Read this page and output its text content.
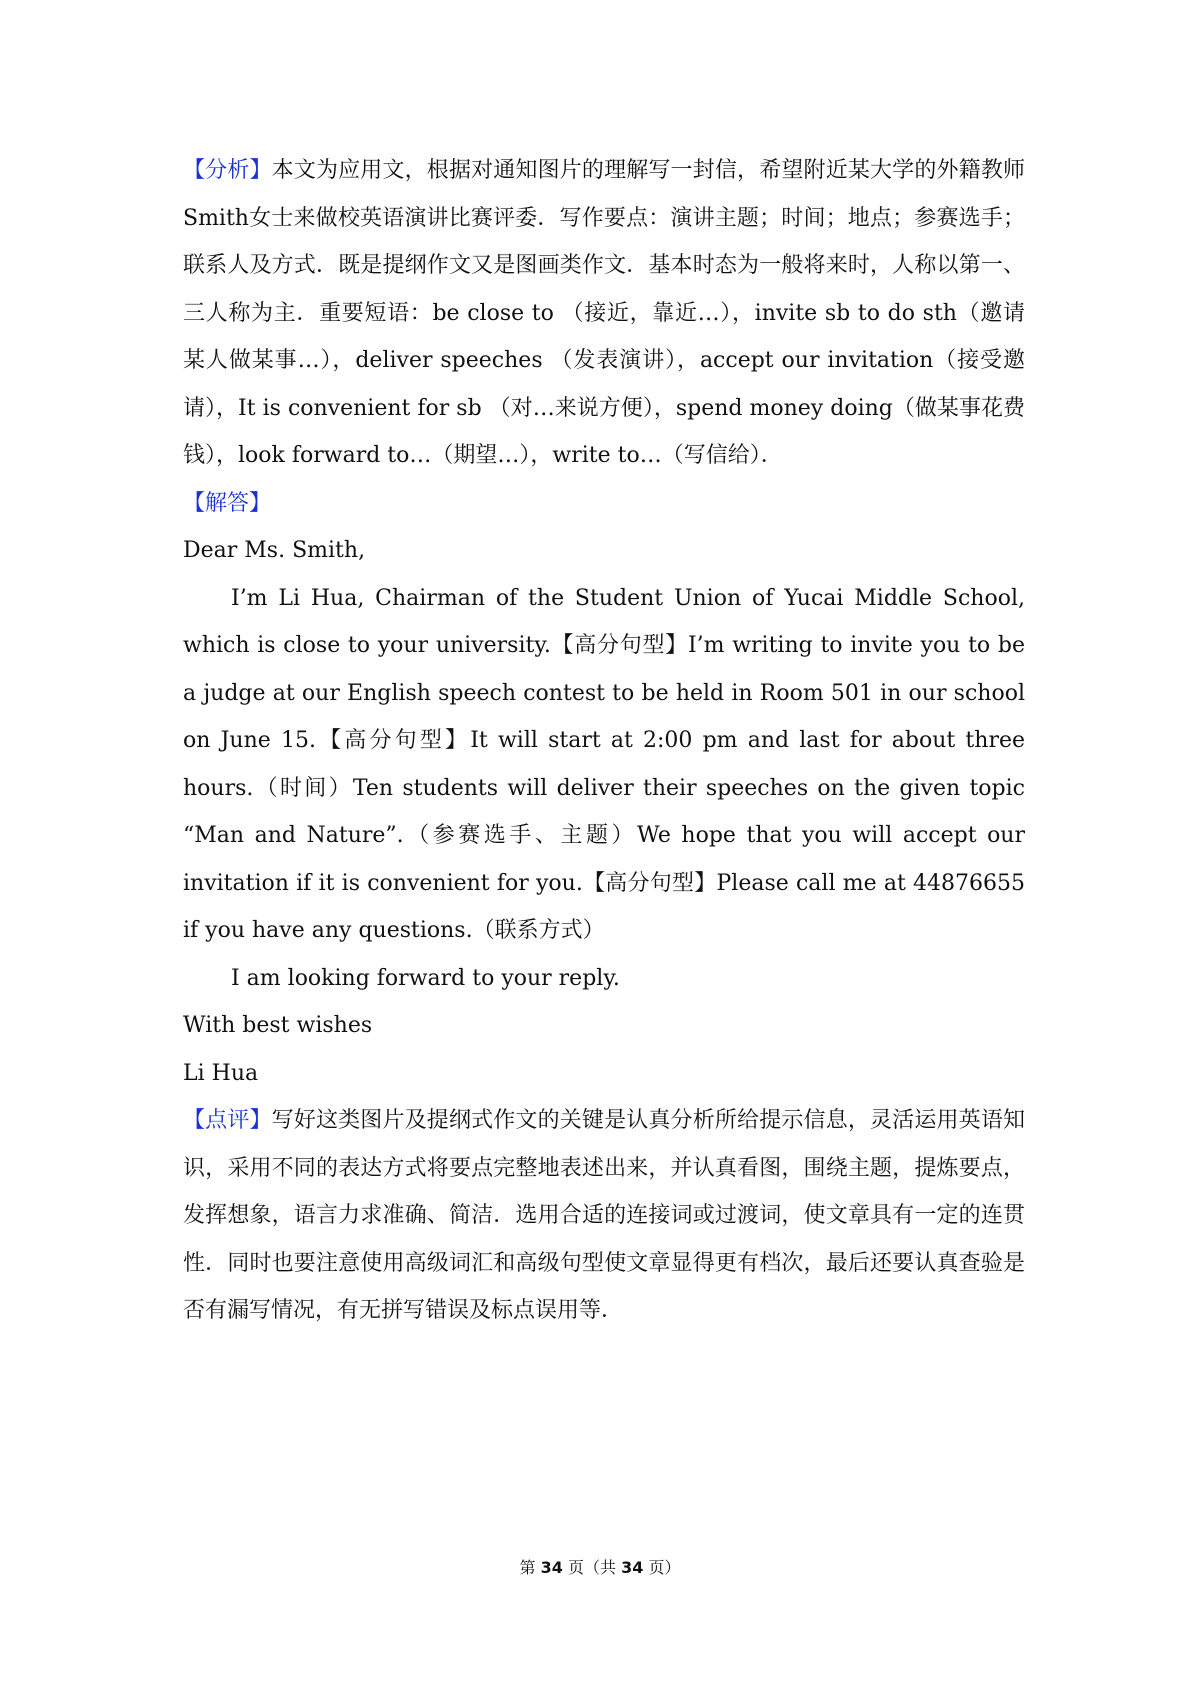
【分析】本文为应用文，根据对通知图片的理解写一封信，希望附近某大学的外籍教师Smith女士来做校英语演讲比赛评委．写作要点：演讲主题；时间；地点；参赛选手；联系人及方式．既是提纲作文又是图画类作文．基本时态为一般将来时，人称以第一、三人称为主．重要短语：be close to （接近，靠近…），invite sb to do sth（邀请某人做某事…），deliver speeches （发表演讲），accept our invitation（接受邀请），It is convenient for sb （对…来说方便），spend money doing（做某事花费钱），look forward to…（期望…），write to…（写信给）．

【解答】

Dear Ms. Smith,

I’m Li Hua, Chairman of the Student Union of Yucai Middle School, which is close to your university.【高分句型】I’m writing to invite you to be a judge at our English speech contest to be held in Room 501 in our school on June 15.【高分句型】It will start at 2:00 pm and last for about three hours.（时间）Ten students will deliver their speeches on the given topic “Man and Nature”.（参赛选手、主题）We hope that you will accept our invitation if it is convenient for you.【高分句型】Please call me at 44876655 if you have any questions.（联系方式）

I am looking forward to your reply.

With best wishes

Li Hua

【点评】写好这类图片及提纲式作文的关键是认真分析所给提示信息，灵活运用英语知识，采用不同的表达方式将要点完整地表述出来，并认真看图，围绕主题，提炼要点，发挥想象，语言力求准确、简洁．选用合适的连接词或过渡词，使文章具有一定的连贯性．同时也要注意使用高级词汇和高级句型使文章显得更有档次，最后还要认真查验是否有漏写情况，有无拼写错误及标点误用等．

第 34 页（共 34 页）
